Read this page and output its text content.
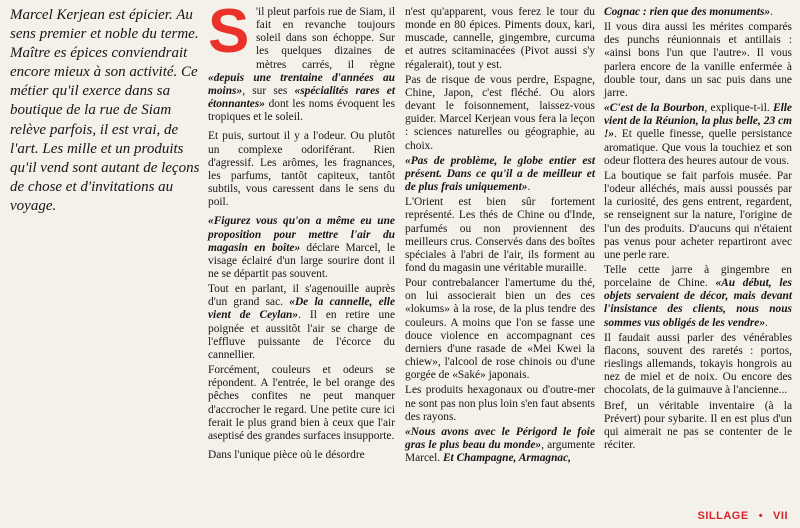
Marcel Kerjean est épicier. Au sens premier et noble du terme. Maître es épices conviendrait encore mieux à son activité. Ce métier qu'il exerce dans sa boutique de la rue de Siam relève parfois, il est vrai, de l'art. Les mille et un produits qu'il vend sont autant de leçons de chose et d'invitations au voyage.

S 'il pleut parfois rue de Siam, il fait en revanche toujours soleil dans son échoppe. Sur les quelques dizaines de mètres carrés, il règne «depuis une trentaine d'années au moins», sur ses «spécialités rares et étonnantes» dont les noms évoquent les tropiques et le soleil.

Et puis, surtout il y a l'odeur. Ou plutôt un complexe odoriférant. Rien d'agressif. Les arômes, les fragnances, les parfums, tantôt capiteux, tantôt subtils, vous caressent dans le sens du poil.

«Figurez vous qu'on a même eu une proposition pour mettre l'air du magasin en boîte» déclare Marcel, le visage éclairé d'un large sourire dont il ne se départit pas souvent.

Tout en parlant, il s'agenouille auprès d'un grand sac. «De la cannelle, elle vient de Ceylan». Il en retire une poignée et aussitôt l'air se charge de l'effluve puissante de l'écorce du cannellier.

Forcément, couleurs et odeurs se répondent. A l'entrée, le bel orange des pêches confites ne peut manquer d'accrocher le regard. Une petite cure ici ferait le plus grand bien à ceux que l'air aseptisé des grandes surfaces insupporte.

Dans l'unique pièce où le désordre

n'est qu'apparent, vous ferez le tour du monde en 80 épices. Piments doux, kari, muscade, cannelle, gingembre, curcuma et autres scitaminacées (Pivot aussi s'y régalerait), tout y est.

Pas de risque de vous perdre, Espagne, Chine, Japon, c'est fléché. Ou alors devant le foisonnement, laissez-vous guider. Marcel Kerjean vous fera la leçon : sciences naturelles ou géographie, au choix.

«Pas de problème, le globe entier est présent. Dans ce qu'il a de meilleur et de plus frais uniquement».

L'Orient est bien sûr fortement représenté. Les thés de Chine ou d'Inde, parfumés ou non proviennent des meilleurs crus. Conservés dans des boîtes spéciales à l'abri de l'air, ils forment au fond du magasin une véritable muraille.

Pour contrebalancer l'amertume du thé, on lui associerait bien un des ces «lokums» à la rose, de la plus tendre des couleurs. A moins que l'on se fasse une douce violence en accompagnant ces derniers d'une rasade de «Mei Kwei la chiew», l'alcool de rose chinois ou d'une gorgée de «Saké» japonais.

Les produits hexagonaux ou d'outre-mer ne sont pas non plus loin s'en faut absents des rayons.

«Nous avons avec le Périgord le foie gras le plus beau du monde», argumente Marcel. Et Champagne, Armagnac,

Cognac : rien que des monuments».

Il vous dira aussi les mérites comparés des punchs réunionnais et antillais : «ainsi bons l'un que l'autre». Il vous parlera encore de la vanille enfermée à double tour, dans un sac puis dans une jarre.

«C'est de la Bourbon, explique-t-il. Elle vient de la Réunion, la plus belle, 23 cm !». Et quelle finesse, quelle persistance aromatique. Que vous la touchiez et son odeur flottera des heures autour de vous.

La boutique se fait parfois musée. Par l'odeur alléchés, mais aussi poussés par la curiosité, des gens entrent, regardent, se renseignent sur la nature, l'origine de l'un des produits. D'aucuns qui n'étaient pas venus pour acheter repartiront avec une perle rare.

Telle cette jarre à gingembre en porcelaine de Chine. «Au début, les objets servaient de décor, mais devant l'insistance des clients, nous nous sommes vus obligés de les vendre».

Il faudait aussi parler des vénérables flacons, souvent des raretés : portos, rieslings allemands, tokayis hongrois au nez de miel et de noix. Ou encore des chocolats, de la guimauve à l'ancienne...

Bref, un véritable inventaire (à la Prévert) pour sybarite. Il en est plus d'un qui aimerait ne pas se contenter de le réciter.

SILLAGE • VII
